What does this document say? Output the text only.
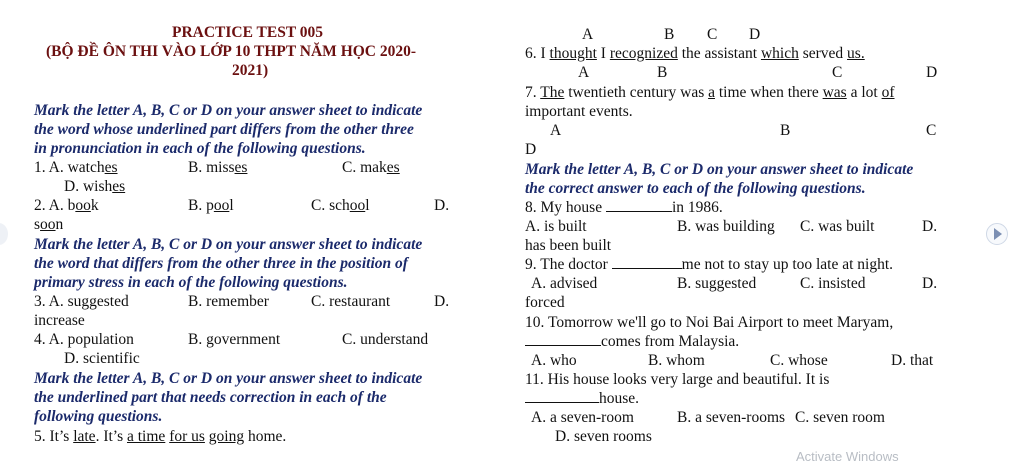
PRACTICE TEST 005
(BỘ ĐỀ ÔN THI VÀO LỚP 10 THPT NĂM HỌC 2020-
2021)
Mark the letter A, B, C or D on your answer sheet to indicate
the word whose underlined part differs from the other three
in pronunciation in each of the following questions.
1. A. watches	B. misses	C. makes
D. wishes
2. A. book	B. pool	C. school	D.
soon
Mark the letter A, B, C or D on your answer sheet to indicate
the word that differs from the other three in the position of
primary stress in each of the following questions.
3. A. suggested	B. remember	C. restaurant	D.
increase
4. A. population	B. government	C. understand
D. scientific
Mark the letter A, B, C or D on your answer sheet to indicate
the underlined part that needs correction in each of the
following questions.
5. It’s late. It’s a time for us going home.
A	B C D
6. I thought I recognized the assistant which served us.
A	B	C	D
7. The twentieth century was a time when there was a lot of
important events.
A	B	C
D
Mark the letter A, B, C or D on your answer sheet to indicate
the correct answer to each of the following questions.
8. My house	in 1986.
A. is built	B. was building C. was built	D.
has been built
9. The doctor	me not to stay up too late at night.
A. advised	B. suggested	C. insisted	D.
forced
10. Tomorrow we'll go to Noi Bai Airport to meet Maryam,
comes from Malaysia.
A. who	B. whom	C. whose	D. that
11. His house looks very large and beautiful. It is
house.
A. a seven-room	B. a seven-rooms C. seven room
D. seven rooms
Activate Windows
